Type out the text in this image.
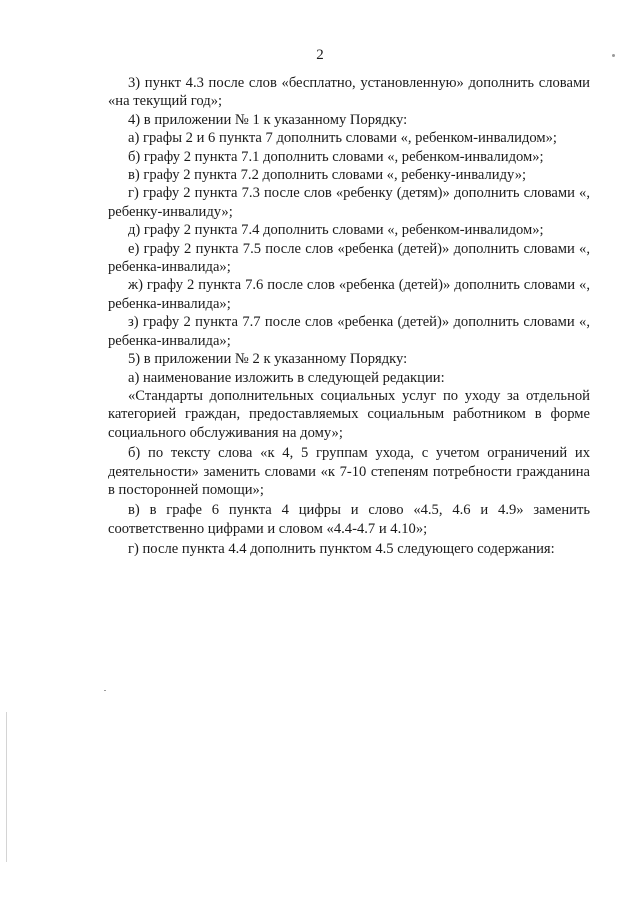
2

3) пункт 4.3 после слов «бесплатно, установленную» дополнить словами «на текущий год»;

4) в приложении № 1 к указанному Порядку:

а) графы 2 и 6 пункта 7 дополнить словами «, ребенком-инвалидом»;

б) графу 2 пункта 7.1 дополнить словами «, ребенком-инвалидом»;

в) графу 2 пункта 7.2 дополнить словами «, ребенку-инвалиду»;

г) графу 2 пункта 7.3 после слов «ребенку (детям)» дополнить словами «, ребенку-инвалиду»;

д) графу 2 пункта 7.4 дополнить словами «, ребенком-инвалидом»;

е) графу 2 пункта 7.5 после слов «ребенка (детей)» дополнить словами «, ребенка-инвалида»;

ж) графу 2 пункта 7.6 после слов «ребенка (детей)» дополнить словами «, ребенка-инвалида»;

з) графу 2 пункта 7.7 после слов «ребенка (детей)» дополнить словами «, ребенка-инвалида»;

5) в приложении № 2 к указанному Порядку:

а) наименование изложить в следующей редакции:

«Стандарты дополнительных социальных услуг по уходу за отдельной категорией граждан, предоставляемых социальным работником в форме социального обслуживания на дому»;

б) по тексту слова «к 4, 5 группам ухода, с учетом ограничений их деятельности» заменить словами «к 7-10 степеням потребности гражданина в посторонней помощи»;

в) в графе 6 пункта 4 цифры и слово «4.5, 4.6 и 4.9» заменить соответственно цифрами и словом «4.4-4.7 и 4.10»;

г) после пункта 4.4 дополнить пунктом 4.5 следующего содержания:
